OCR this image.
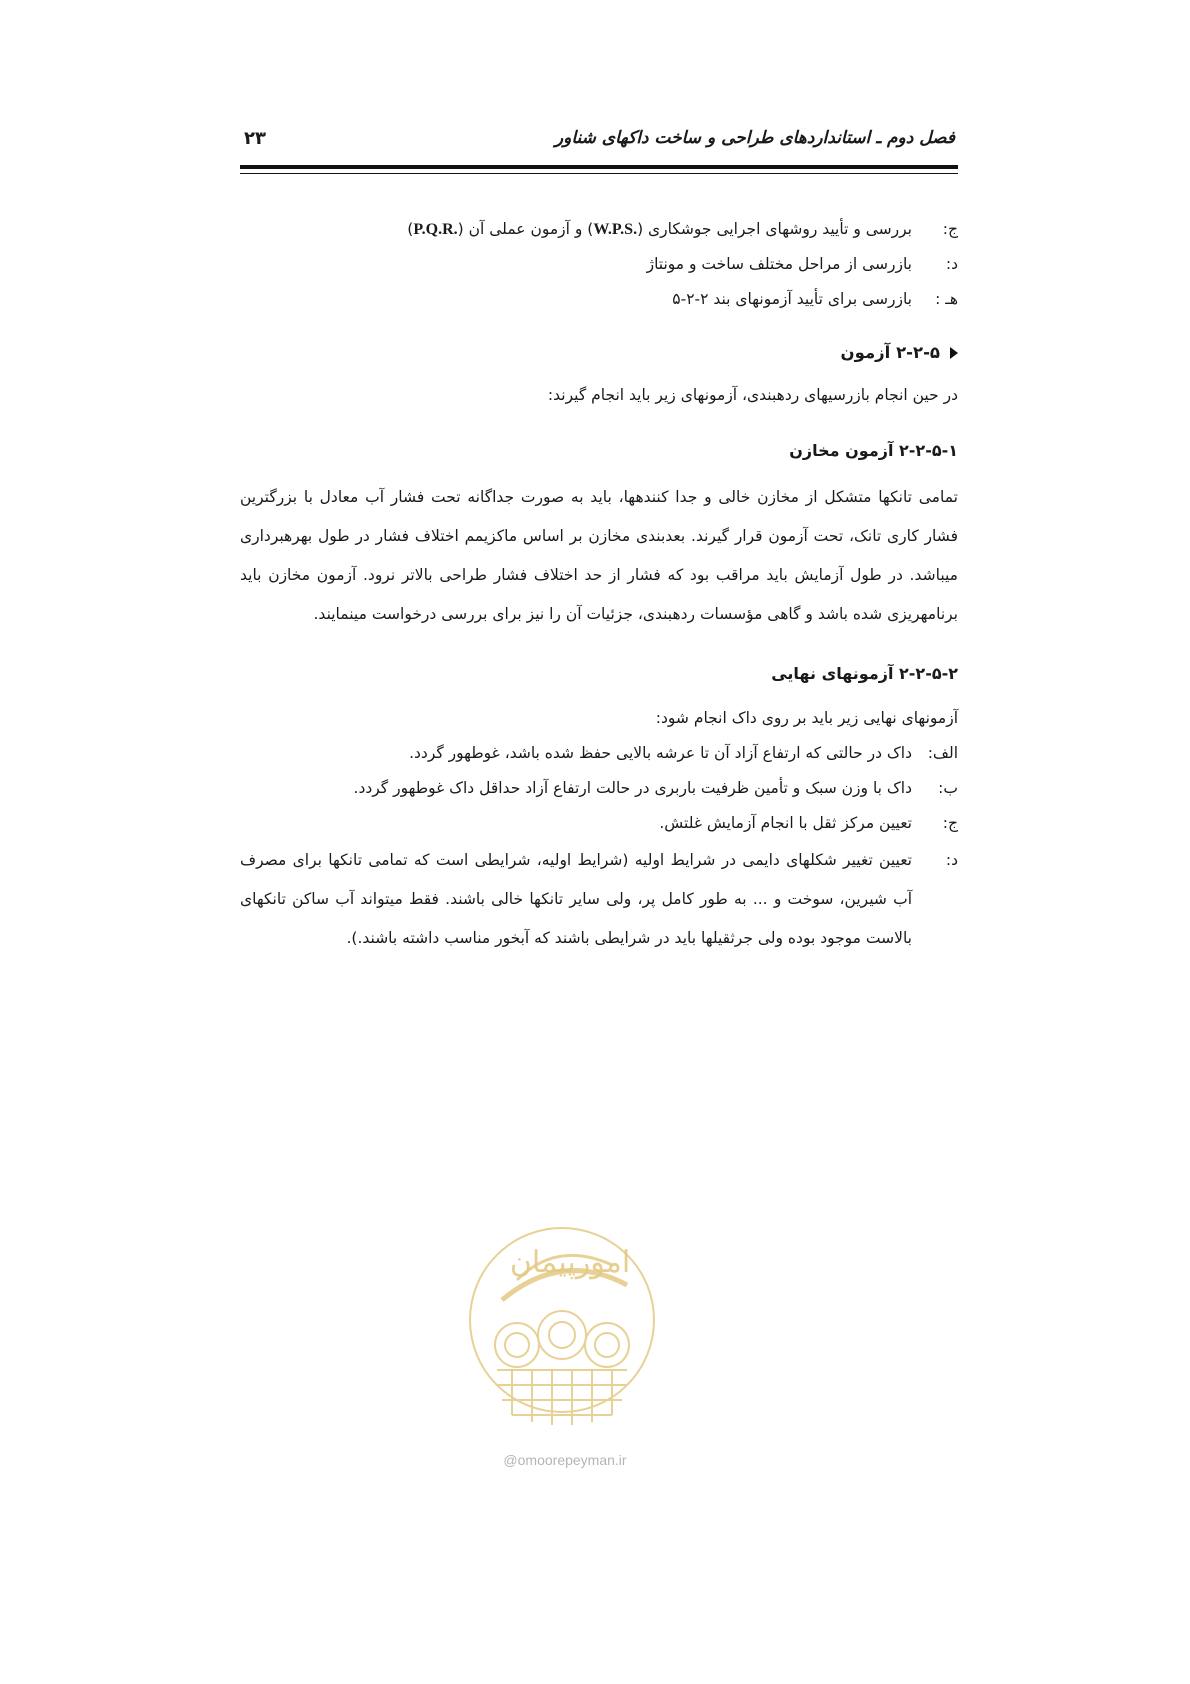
فصل دوم ـ استانداردهای طراحی و ساخت داکهای شناور
۲۳
ج:
بررسی و تأیید روشهای اجرایی جوشکاری (W.P.S.) و آزمون عملی آن (P.Q.R.)
د:
بازرسی از مراحل مختلف ساخت و مونتاژ
هـ :
بازرسی برای تأیید آزمونهای بند ۲-۲-۵
۲-۲-۵ آزمون
در حین انجام بازرسیهای ردهبندی، آزمونهای زیر باید انجام گیرند:
۲-۲-۵-۱ آزمون مخازن
تمامی تانکها متشکل از مخازن خالی و جدا کنندهها، باید به صورت جداگانه تحت فشار آب معادل با بزرگترین فشار کاری تانک، تحت آزمون قرار گیرند. بعدبندی مخازن بر اساس ماکزیمم اختلاف فشار در طول بهرهبرداری میباشد. در طول آزمایش باید مراقب بود که فشار از حد اختلاف فشار طراحی بالاتر نرود. آزمون مخازن باید برنامهریزی شده باشد و گاهی مؤسسات ردهبندی، جزئیات آن را نیز برای بررسی درخواست مینمایند.
۲-۲-۵-۲ آزمونهای نهایی
آزمونهای نهایی زیر باید بر روی داک انجام شود:
الف:
داک در حالتی که ارتفاع آزاد آن تا عرشه بالایی حفظ شده باشد، غوطهور گردد.
ب:
داک با وزن سبک و تأمین ظرفیت باربری در حالت ارتفاع آزاد حداقل داک غوطهور گردد.
ج:
تعیین مرکز ثقل با انجام آزمایش غلتش.
د:
تعیین تغییر شکلهای دایمی در شرایط اولیه (شرایط اولیه، شرایطی است که تمامی تانکها برای مصرف آب شیرین، سوخت و ... به طور کامل پر، ولی سایر تانکها خالی باشند. فقط میتواند آب ساکن تانکهای بالاست موجود بوده ولی جرثقیلها باید در شرایطی باشند که آبخور مناسب داشته باشند.).
امورپیمان
@omoorepeyman.ir
